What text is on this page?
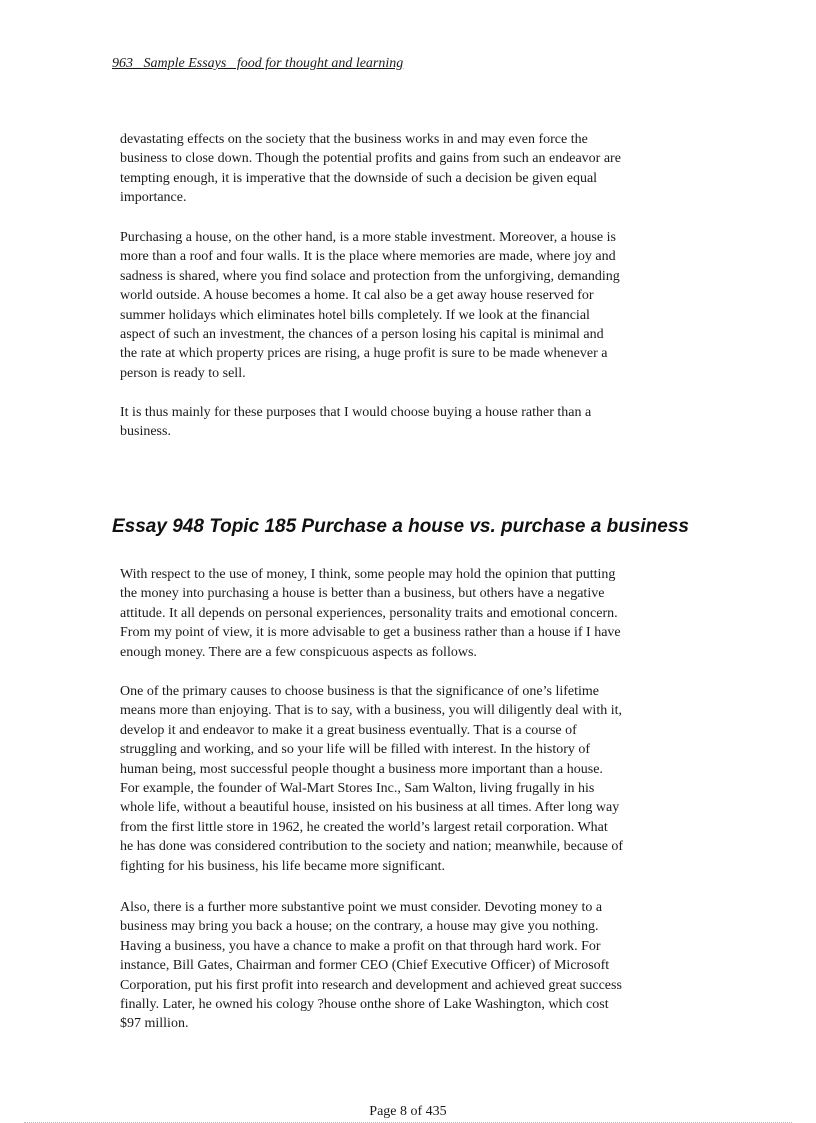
963_ Sample Essays_ food for thought and learning

devastating effects on the society that the business works in and may even force the
business to close down. Though the potential profits and gains from such an endeavor are
tempting enough, it is imperative that the downside of such a decision be given equal
importance.

Purchasing a house, on the other hand, is a more stable investment. Moreover, a house is
more than a roof and four walls. It is the place where memories are made, where joy and
sadness is shared, where you find solace and protection from the unforgiving, demanding
world outside. A house becomes a home. It cal also be a get away house reserved for
summer holidays which eliminates hotel bills completely. If we look at the financial
aspect of such an investment, the chances of a person losing his capital is minimal and
the rate at which property prices are rising, a huge profit is sure to be made whenever a
person is ready to sell.

It is thus mainly for these purposes that I would choose buying a house rather than a
business.

Essay 948 Topic 185 Purchase a house vs. purchase a business

With respect to the use of money, I think, some people may hold the opinion that putting
the money into purchasing a house is better than a business, but others have a negative
attitude. It all depends on personal experiences, personality traits and emotional concern.
From my point of view, it is more advisable to get a business rather than a house if I have
enough money. There are a few conspicuous aspects as follows.

One of the primary causes to choose business is that the significance of one’s lifetime
means more than enjoying. That is to say, with a business, you will diligently deal with it,
develop it and endeavor to make it a great business eventually. That is a course of
struggling and working, and so your life will be filled with interest. In the history of
human being, most successful people thought a business more important than a house.
For example, the founder of Wal-Mart Stores Inc., Sam Walton, living frugally in his
whole life, without a beautiful house, insisted on his business at all times. After long way
from the first little store in 1962, he created the world’s largest retail corporation. What
he has done was considered contribution to the society and nation; meanwhile, because of
fighting for his business, his life became more significant.

Also, there is a further more substantive point we must consider. Devoting money to a
business may bring you back a house; on the contrary, a house may give you nothing.
Having a business, you have a chance to make a profit on that through hard work. For
instance, Bill Gates, Chairman and former CEO (Chief Executive Officer) of Microsoft
Corporation, put his first profit into research and development and achieved great success
finally. Later, he owned his cology ?house onthe shore of Lake Washington, which cost
$97 million.

Page 8 of 435
